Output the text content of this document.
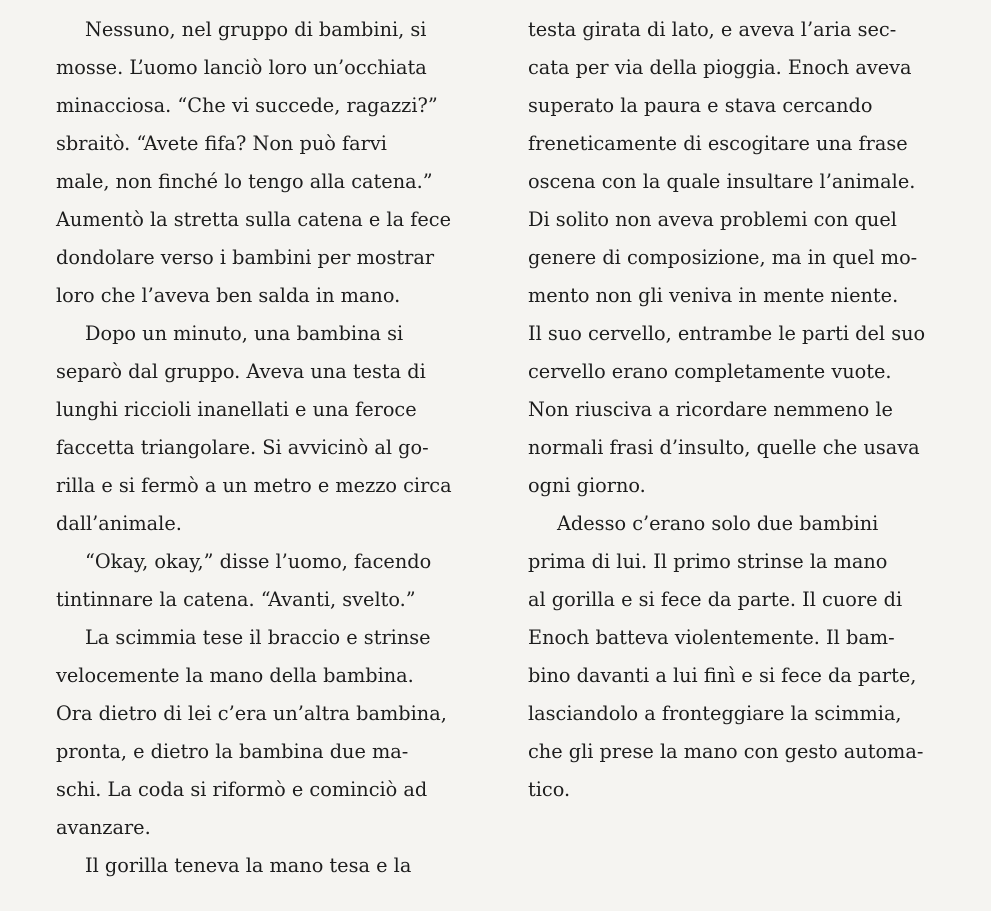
Nessuno, nel gruppo di bambini, si
mosse. L’uomo lanciò loro un’occhiata
minacciosa. “Che vi succede, ragazzi?”
sbraitò. “Avete fifa? Non può farvi
male, non finché lo tengo alla catena.”
Aumentò la stretta sulla catena e la fece
dondolare verso i bambini per mostrar
loro che l’aveva ben salda in mano.
Dopo un minuto, una bambina si
separò dal gruppo. Aveva una testa di
lunghi riccioli inanellati e una feroce
faccetta triangolare. Si avvicinò al go-
rilla e si fermò a un metro e mezzo circa
dall’animale.
“Okay, okay,” disse l’uomo, facendo
tintinnare la catena. “Avanti, svelto.”
La scimmia tese il braccio e strinse
velocemente la mano della bambina.
Ora dietro di lei c’era un’altra bambina,
pronta, e dietro la bambina due ma-
schi. La coda si riformò e cominciò ad
avanzare.
Il gorilla teneva la mano tesa e la
testa girata di lato, e aveva l’aria sec-
cata per via della pioggia. Enoch aveva
superato la paura e stava cercando
freneticamente di escogitare una frase
oscena con la quale insultare l’animale.
Di solito non aveva problemi con quel
genere di composizione, ma in quel mo-
mento non gli veniva in mente niente.
Il suo cervello, entrambe le parti del suo
cervello erano completamente vuote.
Non riusciva a ricordare nemmeno le
normali frasi d’insulto, quelle che usava
ogni giorno.
Adesso c’erano solo due bambini
prima di lui. Il primo strinse la mano
al gorilla e si fece da parte. Il cuore di
Enoch batteva violentemente. Il bam-
bino davanti a lui finì e si fece da parte,
lasciandolo a fronteggiare la scimmia,
che gli prese la mano con gesto automa-
tico.
